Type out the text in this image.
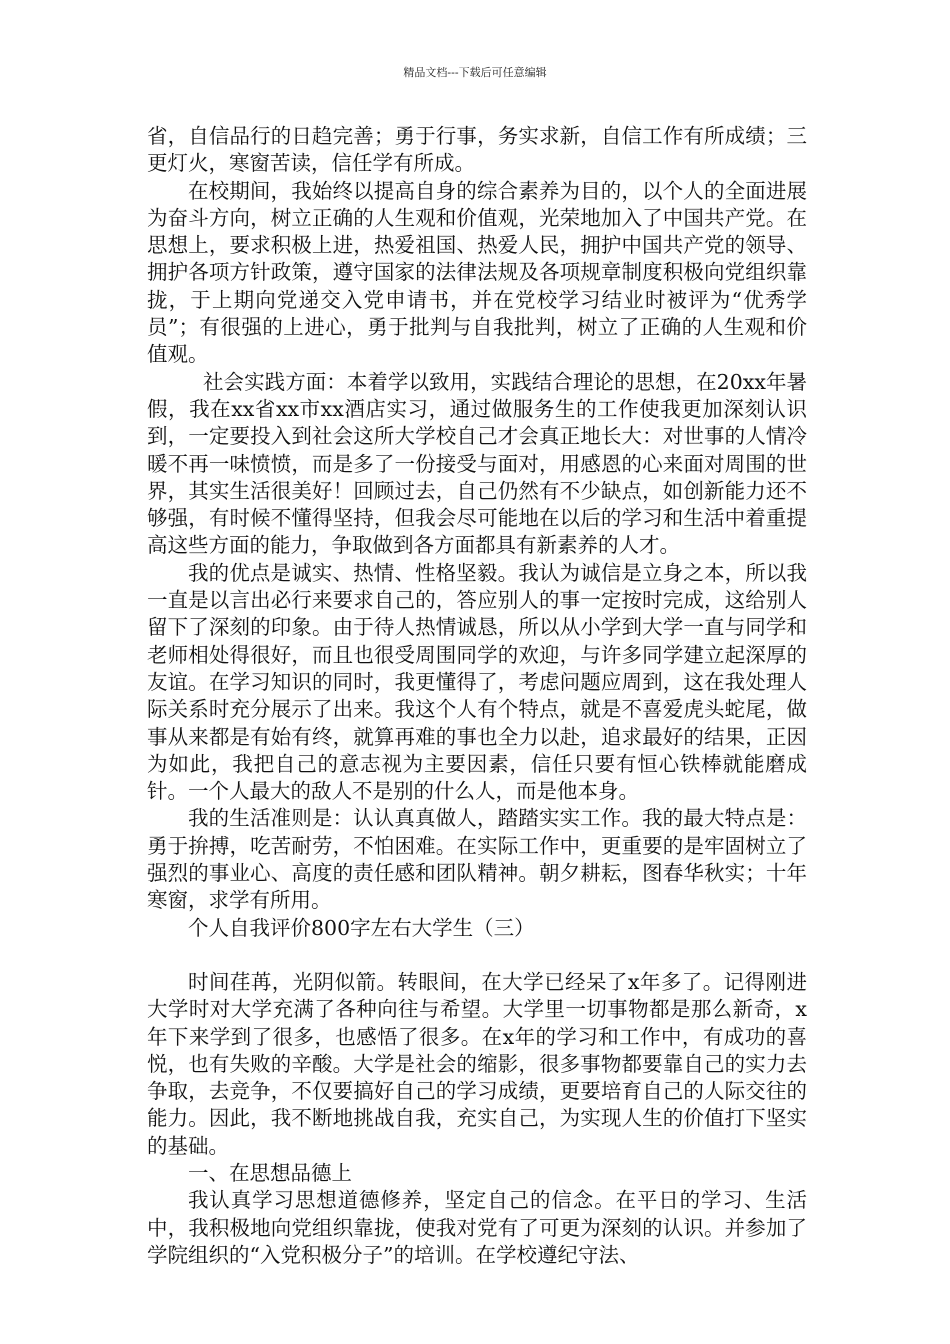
精品文档---下载后可任意编辑

省，自信品行的日趋完善；勇于行事，务实求新，自信工作有所成绩；三更灯火，寒窗苦读，信任学有所成。

在校期间，我始终以提高自身的综合素养为目的，以个人的全面进展为奋斗方向，树立正确的人生观和价值观，光荣地加入了中国共产党。在思想上，要求积极上进，热爱祖国、热爱人民，拥护中国共产党的领导、拥护各项方针政策，遵守国家的法律法规及各项规章制度积极向党组织靠拢，于上期向党递交入党申请书，并在党校学习结业时被评为“优秀学员”；有很强的上进心，勇于批判与自我批判，树立了正确的人生观和价值观。

社会实践方面：本着学以致用，实践结合理论的思想，在20xx年暑假，我在xx省xx市xx酒店实习，通过做服务生的工作使我更加深刻认识到，一定要投入到社会这所大学校自己才会真正地长大：对世事的人情冷暖不再一味愤愤，而是多了一份接受与面对，用感恩的心来面对周围的世界，其实生活很美好！回顾过去，自己仍然有不少缺点，如创新能力还不够强，有时候不懂得坚持，但我会尽可能地在以后的学习和生活中着重提高这些方面的能力，争取做到各方面都具有新素养的人才。

我的优点是诚实、热情、性格坚毅。我认为诚信是立身之本，所以我一直是以言出必行来要求自己的，答应别人的事一定按时完成，这给别人留下了深刻的印象。由于待人热情诚恳，所以从小学到大学一直与同学和老师相处得很好，而且也很受周围同学的欢迎，与许多同学建立起深厚的友谊。在学习知识的同时，我更懂得了，考虑问题应周到，这在我处理人际关系时充分展示了出来。我这个人有个特点，就是不喜爱虎头蛇尾，做事从来都是有始有终，就算再难的事也全力以赴，追求最好的结果，正因为如此，我把自己的意志视为主要因素，信任只要有恒心铁棒就能磨成针。一个人最大的敌人不是别的什么人，而是他本身。

我的生活准则是：认认真真做人，踏踏实实工作。我的最大特点是：勇于拚搏，吃苦耐劳，不怕困难。在实际工作中，更重要的是牢固树立了强烈的事业心、高度的责任感和团队精神。朝夕耕耘，图春华秋实；十年寒窗，求学有所用。

个人自我评价800字左右大学生（三）

时间荏苒，光阴似箭。转眼间，在大学已经呆了x年多了。记得刚进大学时对大学充满了各种向往与希望。大学里一切事物都是那么新奇，x年下来学到了很多，也感悟了很多。在x年的学习和工作中，有成功的喜悦，也有失败的辛酸。大学是社会的缩影，很多事物都要靠自己的实力去争取，去竞争，不仅要搞好自己的学习成绩，更要培育自己的人际交往的能力。因此，我不断地挑战自我，充实自己，为实现人生的价值打下坚实的基础。

一、在思想品德上

我认真学习思想道德修养，坚定自己的信念。在平日的学习、生活中，我积极地向党组织靠拢，使我对党有了可更为深刻的认识。并参加了学院组织的“入党积极分子”的培训。在学校遵纪守法、
